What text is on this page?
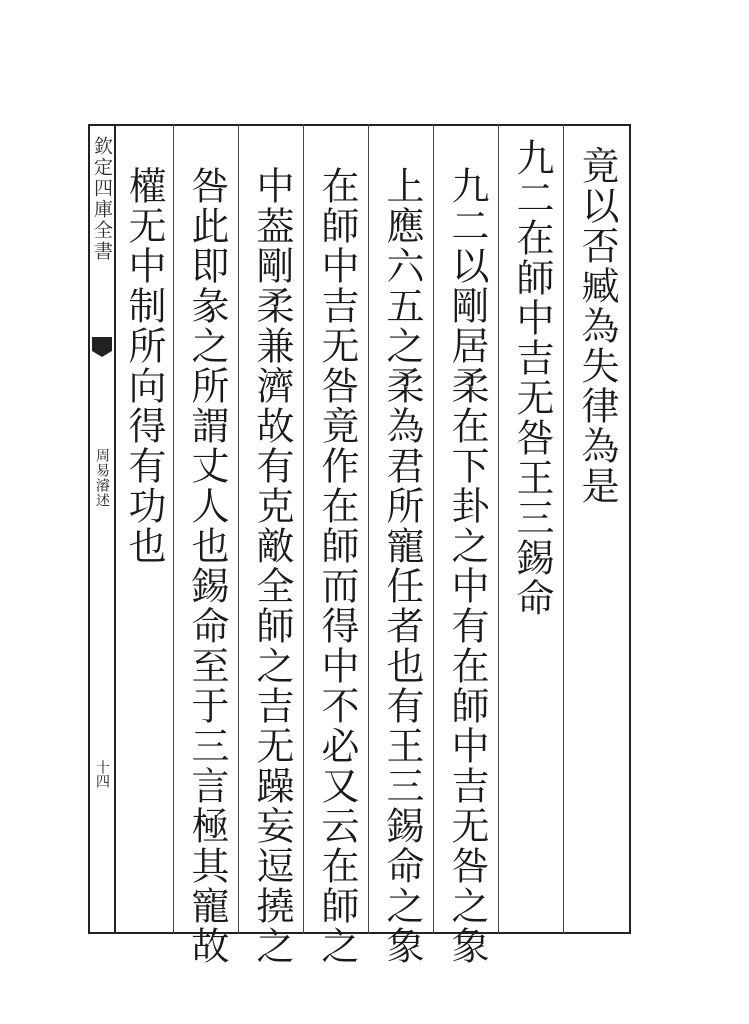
欽定四庫全書
周易濬述
十四
竟以否臧為失律為是
九二在師中吉无咎王三錫命
九二以剛居柔在下卦之中有在師中吉无咎之象
上應六五之柔為君所寵任者也有王三錫命之象
在師中吉无咎竟作在師而得中不必又云在師之
中葢剛柔兼濟故有克敵全師之吉无躁妄逗撓之
咎此即彖之所謂丈人也錫命至于三言極其寵故
權无中制所向得有功也
